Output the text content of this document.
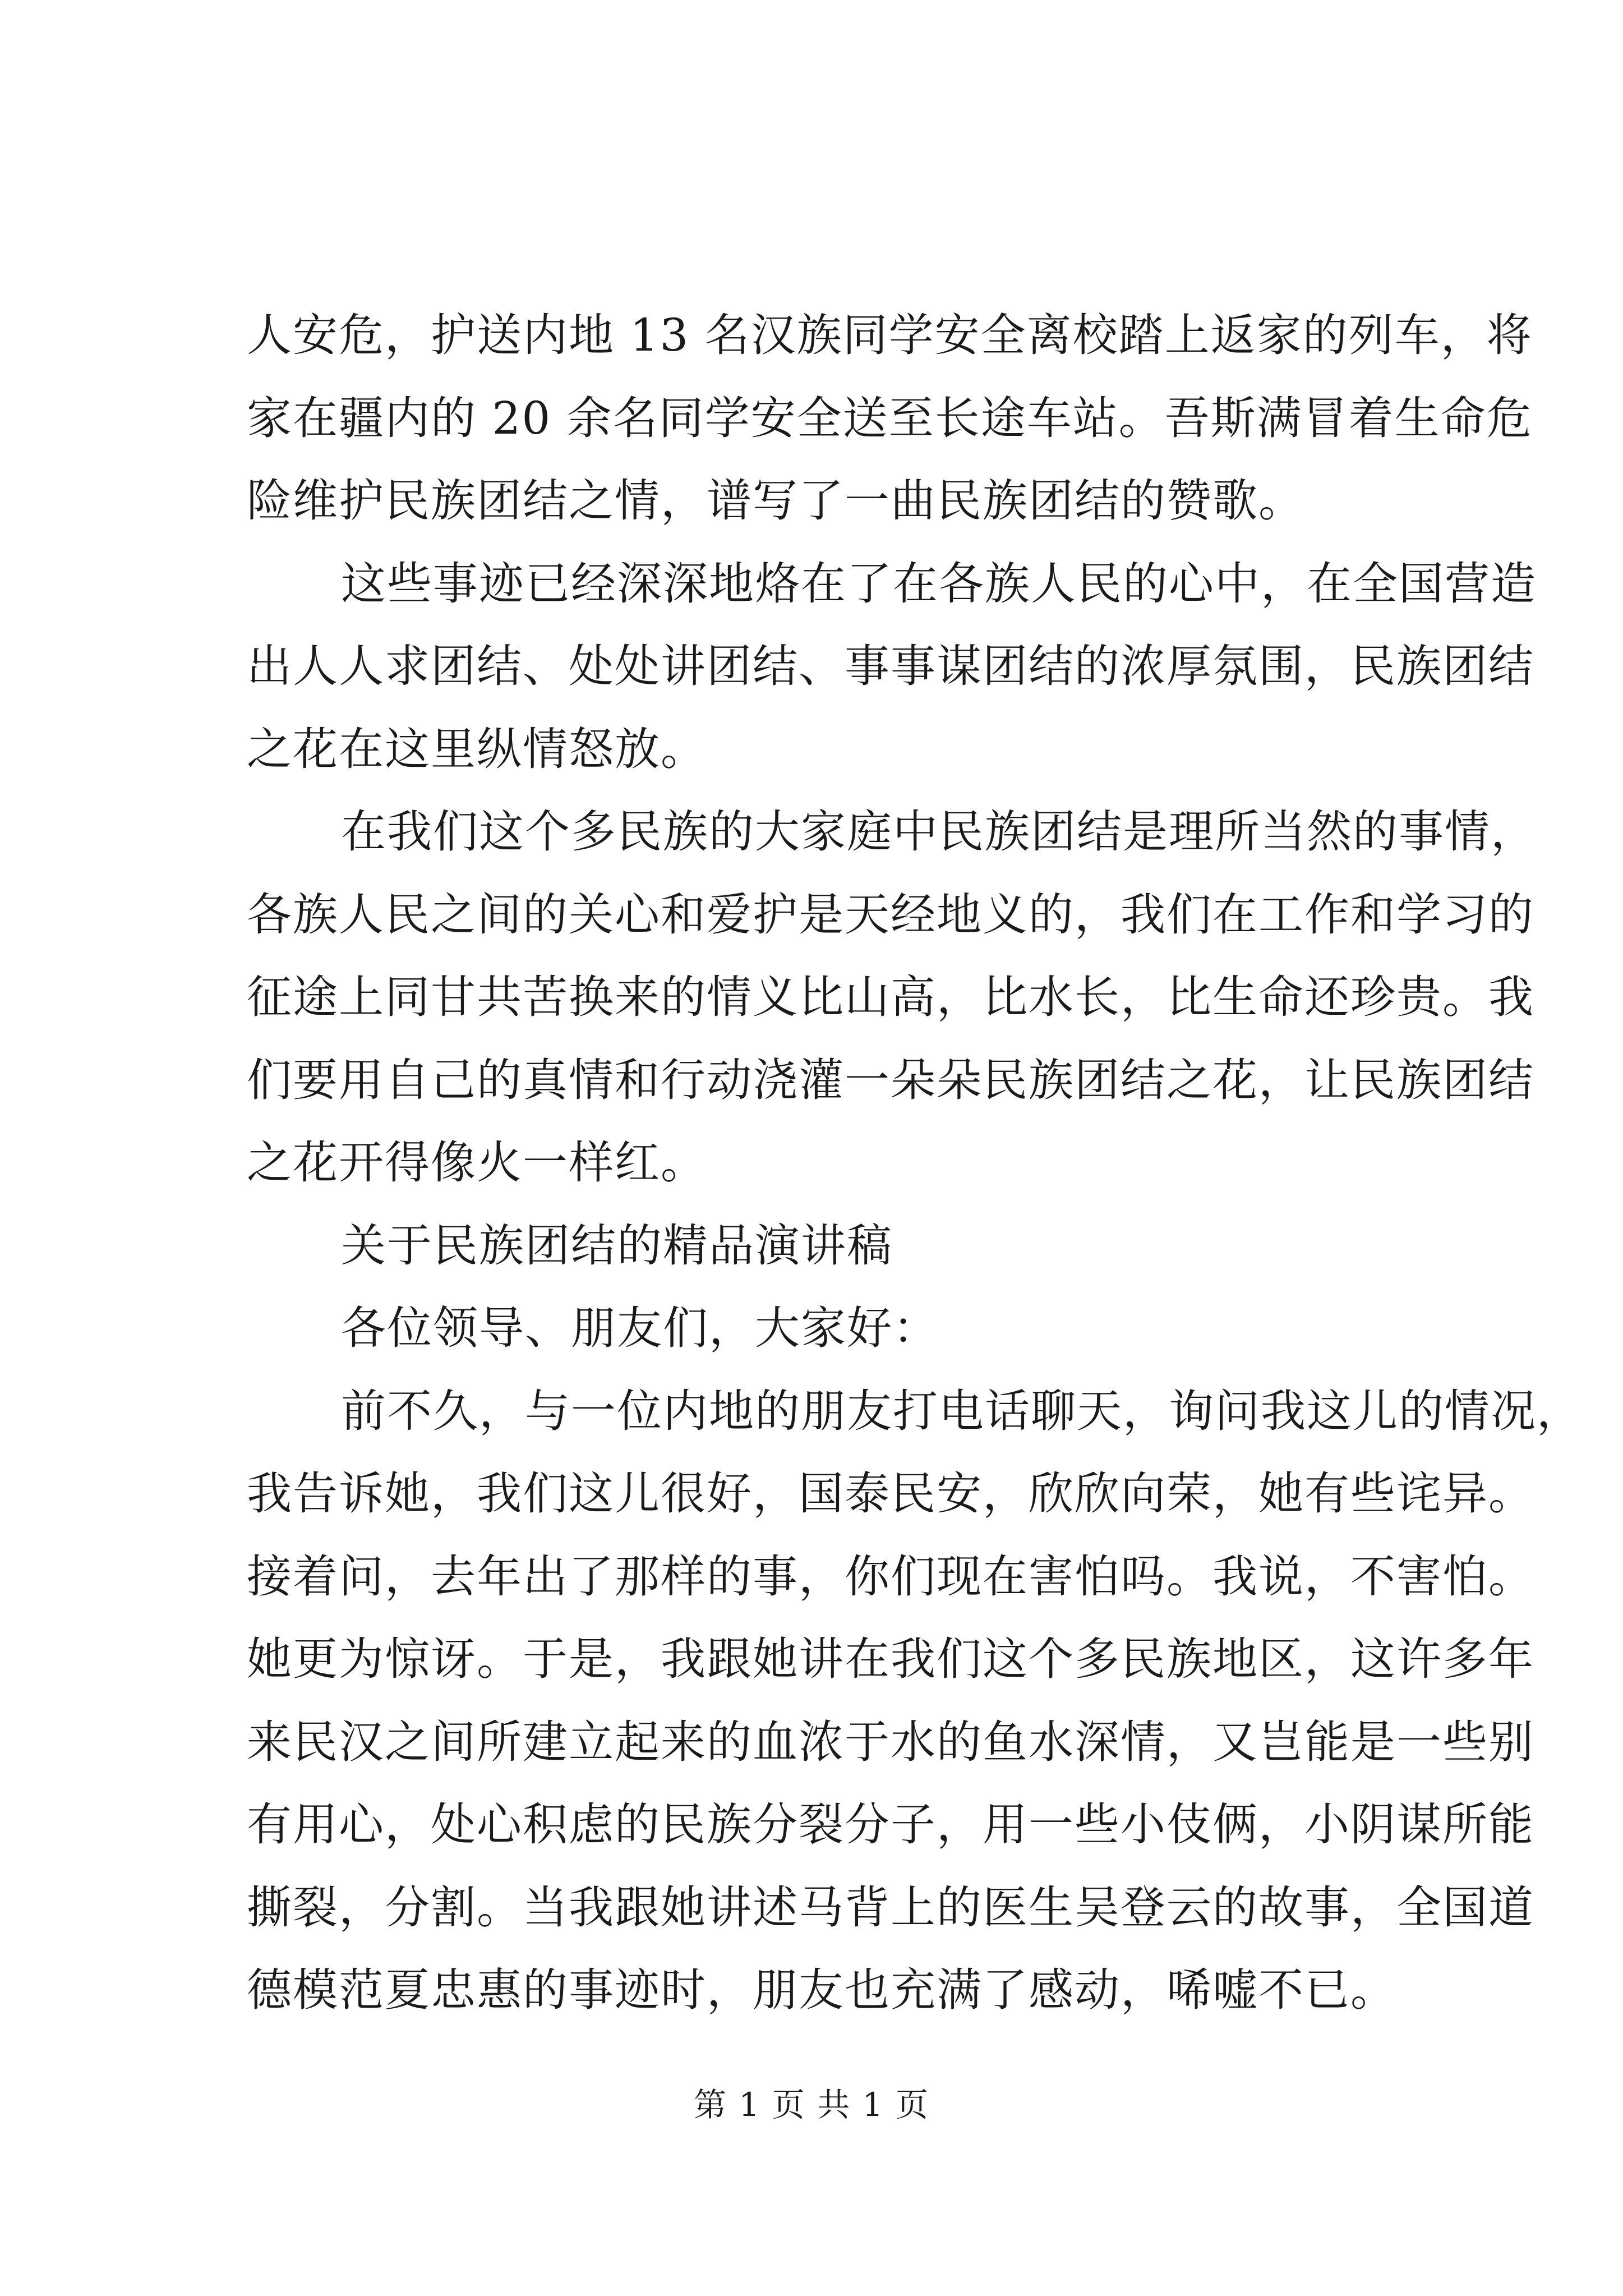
人安危，护送内地 13 名汉族同学安全离校踏上返家的列车，将
家在疆内的 20 余名同学安全送至长途车站。吾斯满冒着生命危
险维护民族团结之情，谱写了一曲民族团结的赞歌。
这些事迹已经深深地烙在了在各族人民的心中，在全国营造
出人人求团结、处处讲团结、事事谋团结的浓厚氛围，民族团结
之花在这里纵情怒放。
在我们这个多民族的大家庭中民族团结是理所当然的事情，
各族人民之间的关心和爱护是天经地义的，我们在工作和学习的
征途上同甘共苦换来的情义比山高，比水长，比生命还珍贵。我
们要用自己的真情和行动浇灌一朵朵民族团结之花，让民族团结
之花开得像火一样红。
关于民族团结的精品演讲稿
各位领导、朋友们，大家好：
前不久，与一位内地的朋友打电话聊天，询问我这儿的情况，
我告诉她，我们这儿很好，国泰民安，欣欣向荣，她有些诧异。
接着问，去年出了那样的事，你们现在害怕吗。我说，不害怕。
她更为惊讶。于是，我跟她讲在我们这个多民族地区，这许多年
来民汉之间所建立起来的血浓于水的鱼水深情，又岂能是一些别
有用心，处心积虑的民族分裂分子，用一些小伎俩，小阴谋所能
撕裂，分割。当我跟她讲述马背上的医生吴登云的故事，全国道
德模范夏忠惠的事迹时，朋友也充满了感动，唏嘘不已。
第 1 页 共 1 页
